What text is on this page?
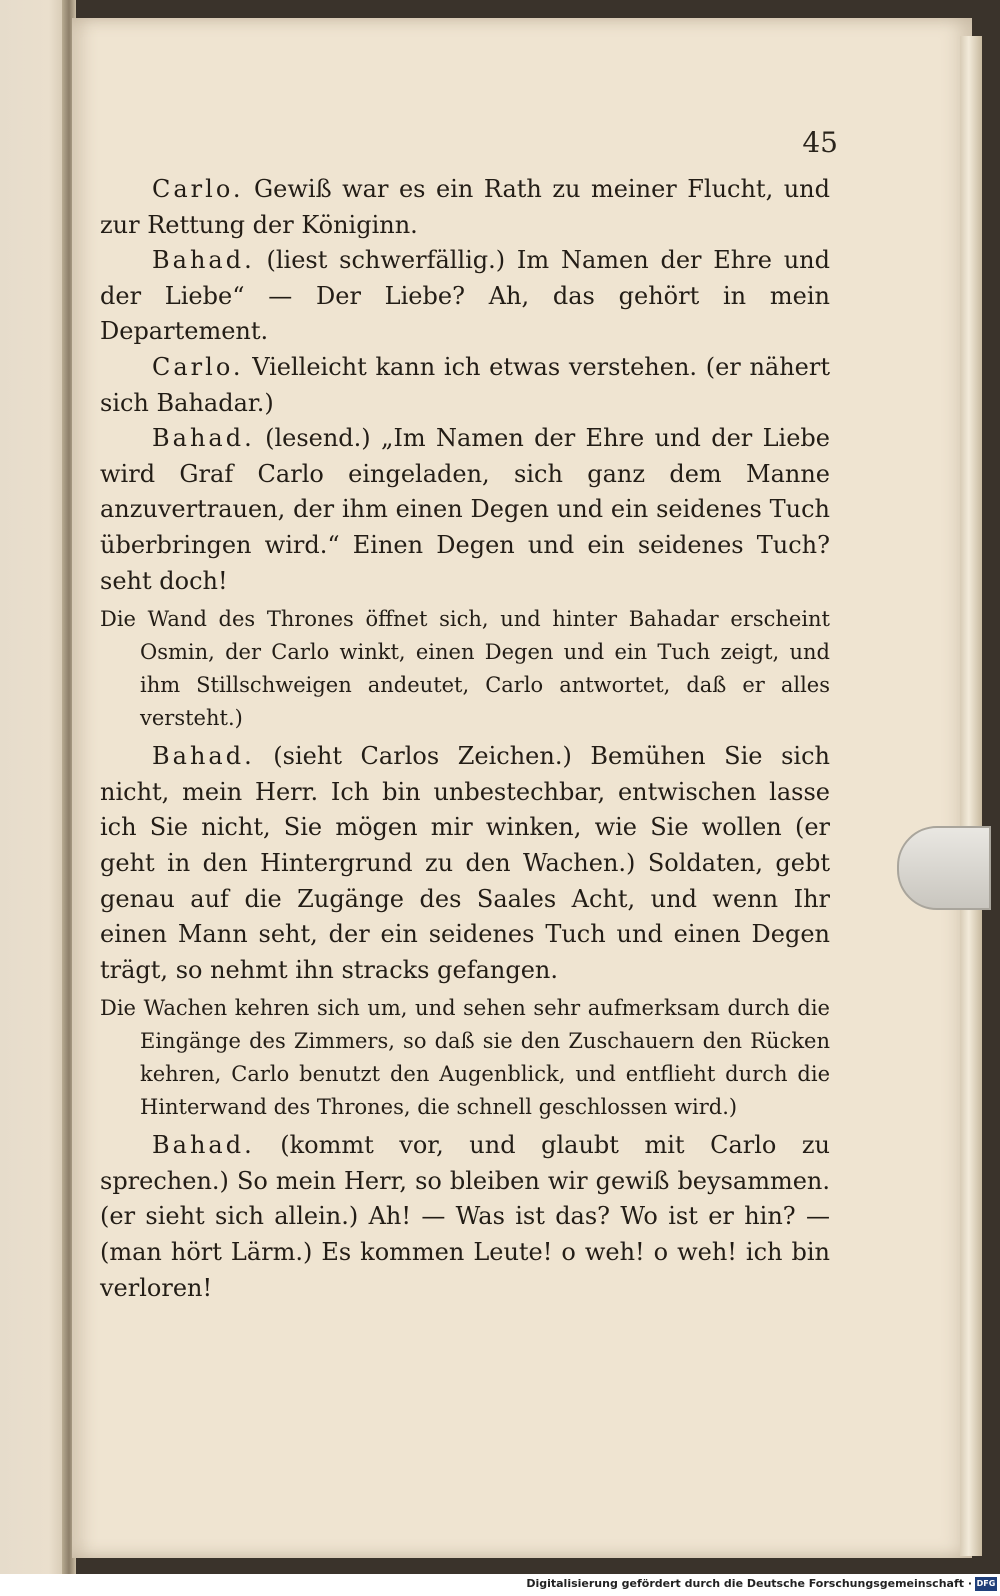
45

Carlo. Gewiß war es ein Rath zu meiner Flucht, und zur Rettung der Königinn.

Bahad. (liest schwerfällig.) Im Namen der Ehre und der Liebe“ — Der Liebe? Ah, das gehört in mein Departement.

Carlo. Vielleicht kann ich etwas verstehen. (er nähert sich Bahadar.)

Bahad. (lesend.) „Im Namen der Ehre und der Liebe wird Graf Carlo eingeladen, sich ganz dem Manne anzuvertrauen, der ihm einen Degen und ein seidenes Tuch überbringen wird.“ Einen Degen und ein seidenes Tuch? seht doch!

Die Wand des Thrones öffnet sich, und hinter Bahadar erscheint Osmin, der Carlo winkt, einen Degen und ein Tuch zeigt, und ihm Stillschweigen andeutet, Carlo antwortet, daß er alles versteht.)

Bahad. (sieht Carlos Zeichen.) Bemühen Sie sich nicht, mein Herr. Ich bin unbestechbar, entwischen lasse ich Sie nicht, Sie mögen mir winken, wie Sie wollen (er geht in den Hintergrund zu den Wachen.) Soldaten, gebt genau auf die Zugänge des Saales Acht, und wenn Ihr einen Mann seht, der ein seidenes Tuch und einen Degen trägt, so nehmt ihn stracks gefangen.

Die Wachen kehren sich um, und sehen sehr aufmerksam durch die Eingänge des Zimmers, so daß sie den Zuschauern den Rücken kehren, Carlo benutzt den Augenblick, und entflieht durch die Hinterwand des Thrones, die schnell geschlossen wird.)

Bahad. (kommt vor, und glaubt mit Carlo zu sprechen.) So mein Herr, so bleiben wir gewiß beysammen. (er sieht sich allein.) Ah! — Was ist das? Wo ist er hin? — (man hört Lärm.) Es kommen Leute! o weh! o weh! ich bin verloren!

Digitalisierung gefördert durch die Deutsche Forschungsgemeinschaft · DFG
